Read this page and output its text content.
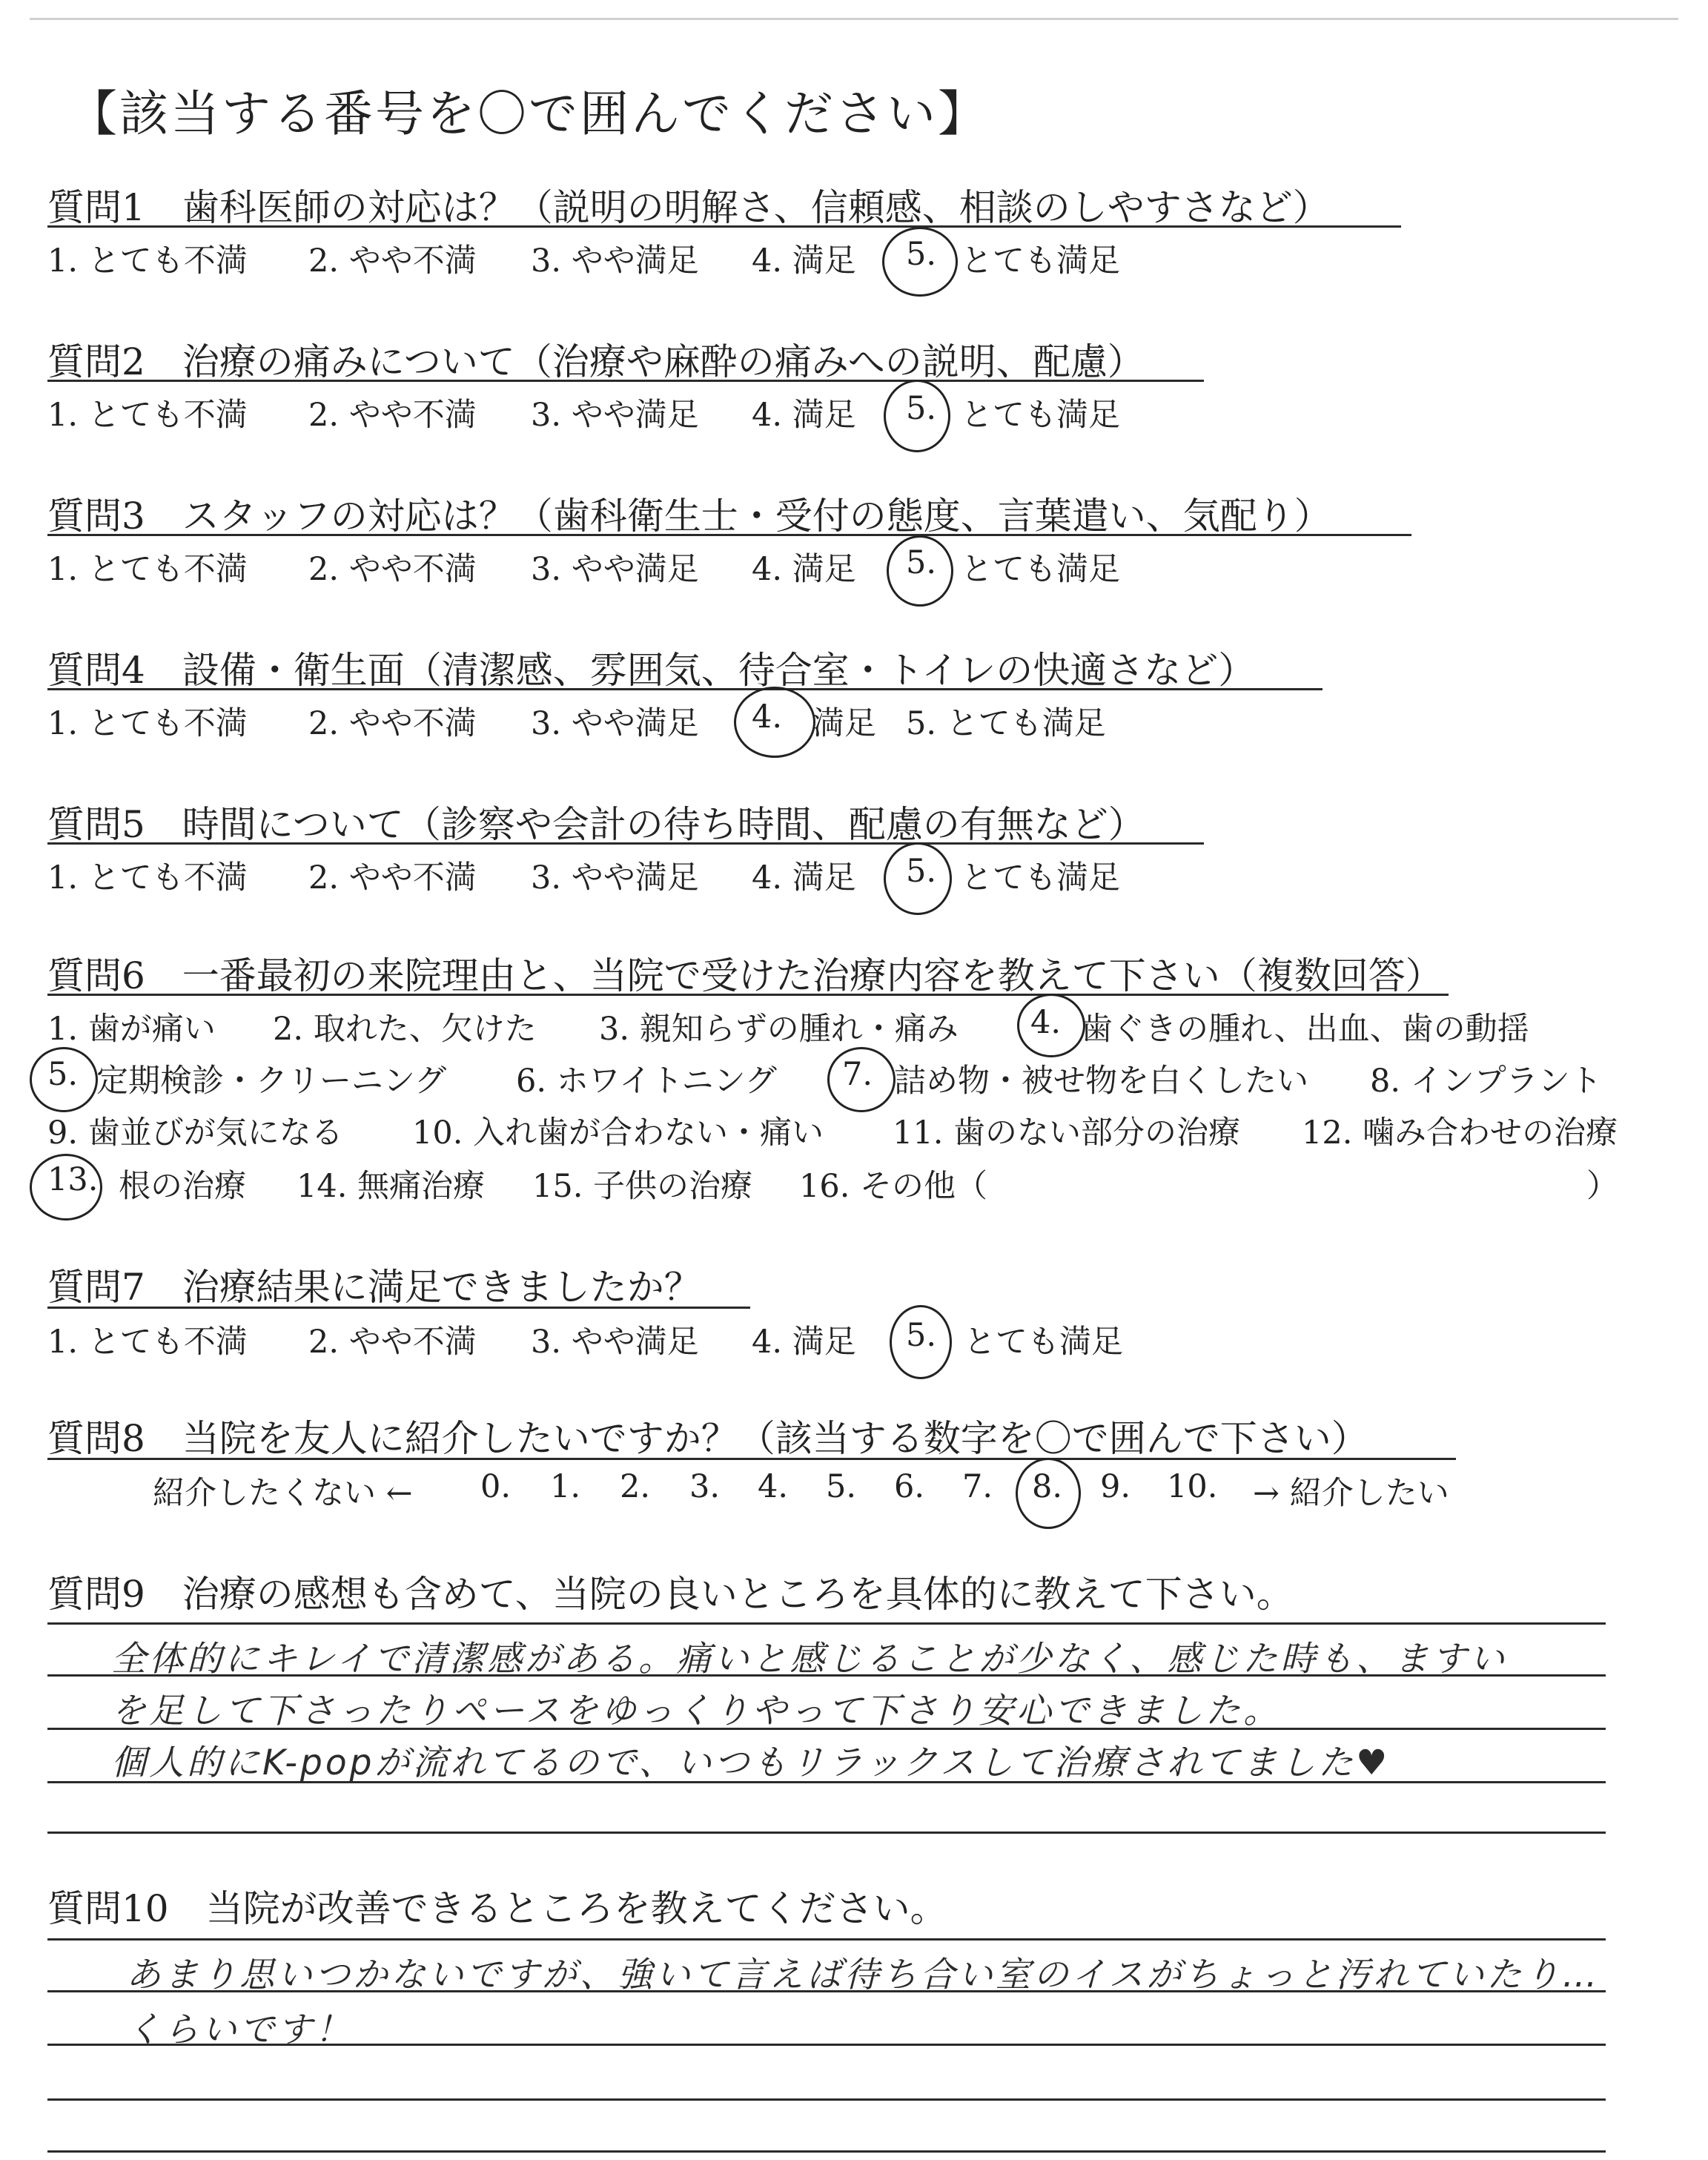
【該当する番号を〇で囲んでください】
質問1　歯科医師の対応は？（説明の明解さ、信頼感、相談のしやすさなど）
1. とても不満 2. やや不満 3. やや満足 4. 満足 5. とても満足
質問2　治療の痛みについて（治療や麻酔の痛みへの説明、配慮）
1. とても不満 2. やや不満 3. やや満足 4. 満足 5. とても満足
質問3　スタッフの対応は？（歯科衛生士・受付の態度、言葉遣い、気配り）
1. とても不満 2. やや不満 3. やや満足 4. 満足 5. とても満足
質問4　設備・衛生面（清潔感、雰囲気、待合室・トイレの快適さなど）
1. とても不満 2. やや不満 3. やや満足 4. 満足 5. とても満足
質問5　時間について（診察や会計の待ち時間、配慮の有無など）
1. とても不満 2. やや不満 3. やや満足 4. 満足 5. とても満足
質問6　一番最初の来院理由と、当院で受けた治療内容を教えて下さい（複数回答）
1. 歯が痛い 2. 取れた、欠けた 3. 親知らずの腫れ・痛み 4. 歯ぐきの腫れ、出血、歯の動揺
5. 定期検診・クリーニング 6. ホワイトニング 7. 詰め物・被せ物を白くしたい 8. インプラント
9. 歯並びが気になる 10. 入れ歯が合わない・痛い 11. 歯のない部分の治療 12. 噛み合わせの治療
13. 根の治療 14. 無痛治療 15. 子供の治療 16. その他（	）
質問7　治療結果に満足できましたか？
1. とても不満 2. やや不満 3. やや満足 4. 満足 5. とても満足
質問8　当院を友人に紹介したいですか？（該当する数字を〇で囲んで下さい）
紹介したくない ← 0. 1. 2. 3. 4. 5. 6. 7. 8. 9. 10. → 紹介したい
質問9　治療の感想も含めて、当院の良いところを具体的に教えて下さい。
全体的にキレイで清潔感がある。痛いと感じることが少なく、感じた時も、ますい
を足して下さったりペースをゆっくりやって下さり安心できました。
個人的にK-popが流れてるので、いつもリラックスして治療されてました♥
質問10　当院が改善できるところを教えてください。
あまり思いつかないですが、強いて言えば待ち合い室のイスがちょっと汚れていたり…
くらいです！
